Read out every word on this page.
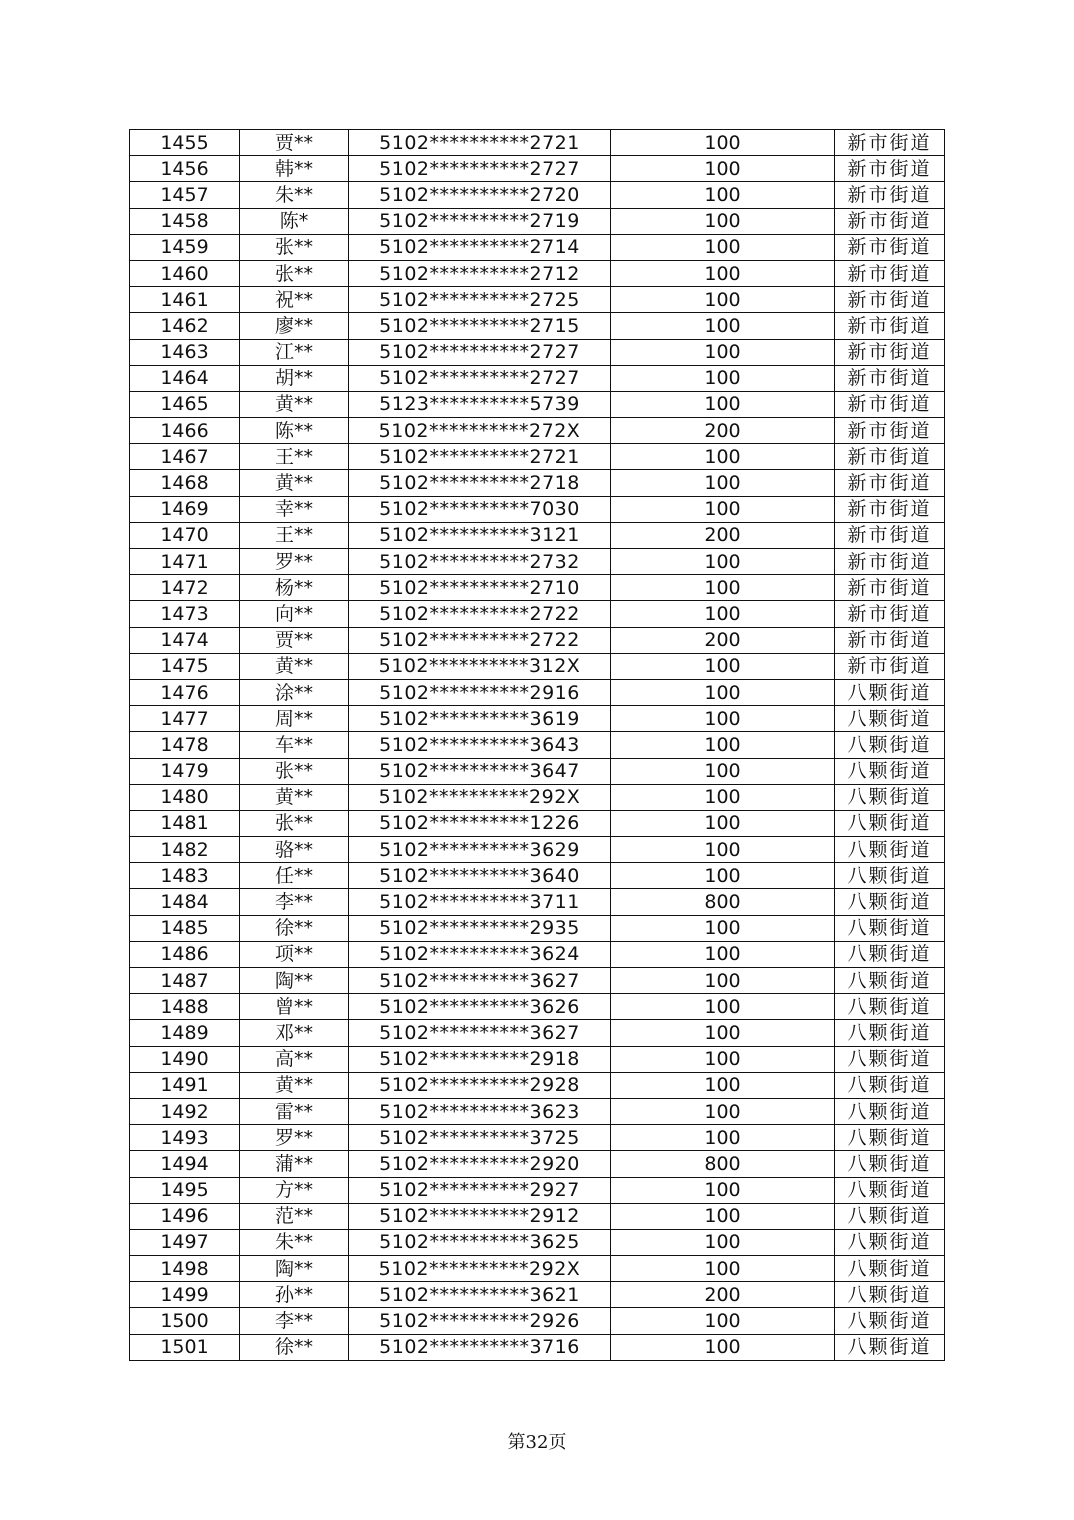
1455	贾**	5102**********2721	100	新市街道
1456	韩**	5102**********2727	100	新市街道
1457	朱**	5102**********2720	100	新市街道
1458	陈*	5102**********2719	100	新市街道
1459	张**	5102**********2714	100	新市街道
1460	张**	5102**********2712	100	新市街道
1461	祝**	5102**********2725	100	新市街道
1462	廖**	5102**********2715	100	新市街道
1463	江**	5102**********2727	100	新市街道
1464	胡**	5102**********2727	100	新市街道
1465	黄**	5123**********5739	100	新市街道
1466	陈**	5102**********272X	200	新市街道
1467	王**	5102**********2721	100	新市街道
1468	黄**	5102**********2718	100	新市街道
1469	幸**	5102**********7030	100	新市街道
1470	王**	5102**********3121	200	新市街道
1471	罗**	5102**********2732	100	新市街道
1472	杨**	5102**********2710	100	新市街道
1473	向**	5102**********2722	100	新市街道
1474	贾**	5102**********2722	200	新市街道
1475	黄**	5102**********312X	100	新市街道
1476	涂**	5102**********2916	100	八颗街道
1477	周**	5102**********3619	100	八颗街道
1478	车**	5102**********3643	100	八颗街道
1479	张**	5102**********3647	100	八颗街道
1480	黄**	5102**********292X	100	八颗街道
1481	张**	5102**********1226	100	八颗街道
1482	骆**	5102**********3629	100	八颗街道
1483	任**	5102**********3640	100	八颗街道
1484	李**	5102**********3711	800	八颗街道
1485	徐**	5102**********2935	100	八颗街道
1486	项**	5102**********3624	100	八颗街道
1487	陶**	5102**********3627	100	八颗街道
1488	曾**	5102**********3626	100	八颗街道
1489	邓**	5102**********3627	100	八颗街道
1490	高**	5102**********2918	100	八颗街道
1491	黄**	5102**********2928	100	八颗街道
1492	雷**	5102**********3623	100	八颗街道
1493	罗**	5102**********3725	100	八颗街道
1494	蒲**	5102**********2920	800	八颗街道
1495	方**	5102**********2927	100	八颗街道
1496	范**	5102**********2912	100	八颗街道
1497	朱**	5102**********3625	100	八颗街道
1498	陶**	5102**********292X	100	八颗街道
1499	孙**	5102**********3621	200	八颗街道
1500	李**	5102**********2926	100	八颗街道
1501	徐**	5102**********3716	100	八颗街道
第32页
